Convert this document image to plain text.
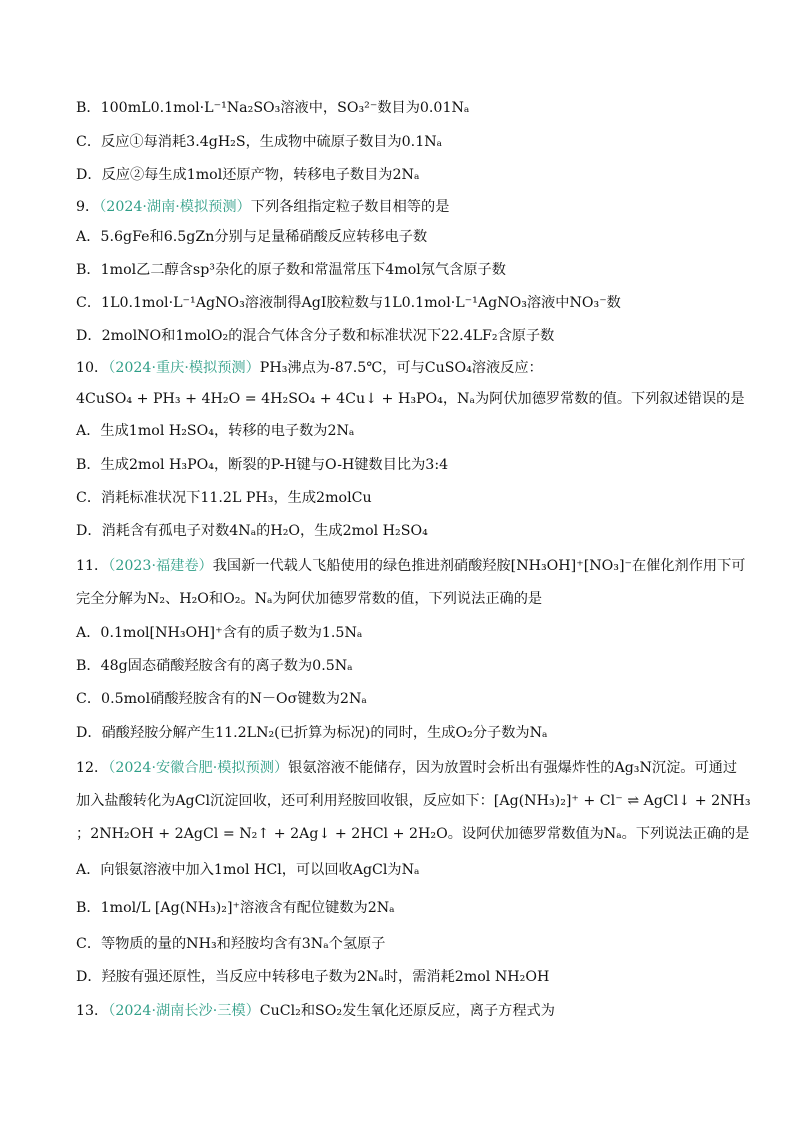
B．100mL0.1mol·L⁻¹Na₂SO₃溶液中，SO₃²⁻数目为0.01Nₐ
C．反应①每消耗3.4gH₂S，生成物中硫原子数目为0.1Nₐ
D．反应②每生成1mol还原产物，转移电子数目为2Nₐ
9．（2024·湖南·模拟预测）下列各组指定粒子数目相等的是
A．5.6gFe和6.5gZn分别与足量稀硝酸反应转移电子数
B．1mol乙二醇含sp³杂化的原子数和常温常压下4mol氖气含原子数
C．1L0.1mol·L⁻¹AgNO₃溶液制得AgI胶粒数与1L0.1mol·L⁻¹AgNO₃溶液中NO₃⁻数
D．2molNO和1molO₂的混合气体含分子数和标准状况下22.4LF₂含原子数
10．（2024·重庆·模拟预测）PH₃沸点为-87.5℃，可与CuSO₄溶液反应：
4CuSO₄ + PH₃ + 4H₂O = 4H₂SO₄ + 4Cu↓ + H₃PO₄，Nₐ为阿伏加德罗常数的值。下列叙述错误的是
A．生成1mol H₂SO₄，转移的电子数为2Nₐ
B．生成2mol H₃PO₄，断裂的P-H键与O-H键数目比为3:4
C．消耗标准状况下11.2L PH₃，生成2molCu
D．消耗含有孤电子对数4Nₐ的H₂O，生成2mol H₂SO₄
11．（2023·福建卷）我国新一代载人飞船使用的绿色推进剂硝酸羟胺[NH₃OH]⁺[NO₃]⁻在催化剂作用下可
完全分解为N₂、H₂O和O₂。Nₐ为阿伏加德罗常数的值，下列说法正确的是
A．0.1mol[NH₃OH]⁺含有的质子数为1.5Nₐ
B．48g固态硝酸羟胺含有的离子数为0.5Nₐ
C．0.5mol硝酸羟胺含有的N－Oσ键数为2Nₐ
D．硝酸羟胺分解产生11.2LN₂(已折算为标况)的同时，生成O₂分子数为Nₐ
12．（2024·安徽合肥·模拟预测）银氨溶液不能储存，因为放置时会析出有强爆炸性的Ag₃N沉淀。可通过
加入盐酸转化为AgCl沉淀回收，还可利用羟胺回收银，反应如下：[Ag(NH₃)₂]⁺ + Cl⁻ ⇌ AgCl↓ + 2NH₃
；2NH₂OH + 2AgCl = N₂↑ + 2Ag↓ + 2HCl + 2H₂O。设阿伏加德罗常数值为Nₐ。下列说法正确的是
A．向银氨溶液中加入1mol HCl，可以回收AgCl为Nₐ
B．1mol/L [Ag(NH₃)₂]⁺溶液含有配位键数为2Nₐ
C．等物质的量的NH₃和羟胺均含有3Nₐ个氢原子
D．羟胺有强还原性，当反应中转移电子数为2Nₐ时，需消耗2mol NH₂OH
13．（2024·湖南长沙·三模）CuCl₂和SO₂发生氧化还原反应，离子方程式为
